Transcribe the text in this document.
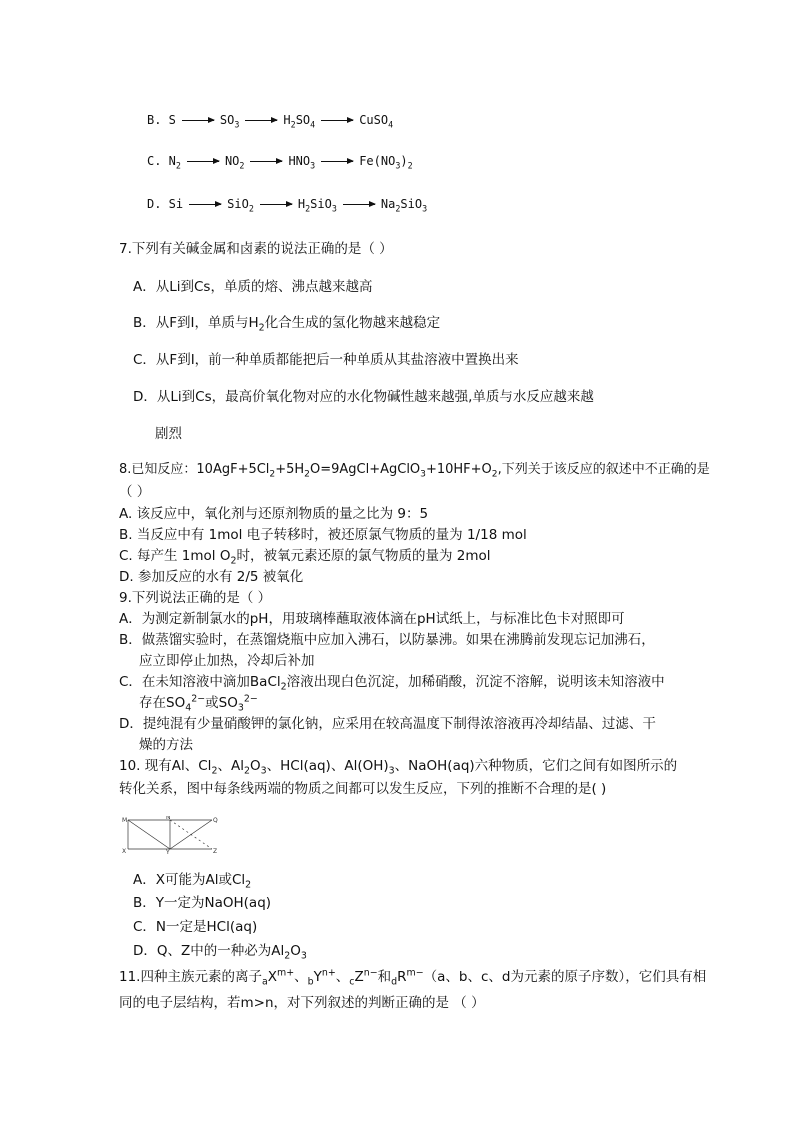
B. S	$SO_3$	$H_2SO_4$	CuSO$_4$
C. $N_2$	$NO_2$	$HNO_3$	$Fe(NO_3)_2$
D. Si	SiO$_2$	$H_2SiO_3$	$Na_2SiO_3$
7.下列有关碱金属和卤素的说法正确的是（ ）
A．从Li到Cs，单质的熔、沸点越来越高
B．从F到I，单质与$H_2$化合生成的氢化物越来越稳定
C．从F到I，前一种单质都能把后一种单质从其盐溶液中置换出来
D．从Li到Cs，最高价氧化物对应的水化物碱性越来越强,单质与水反应越来越
剧烈
8.已知反应：$10AgF+5Cl_2+5H_2O=9AgCl+AgClO_3+10HF+O_2$,下列关于该反应的叙述中不正确的是
（ ）
A. 该反应中，氧化剂与还原剂物质的量之比为 9：5
B. 当反应中有 1mol 电子转移时，被还原氯气物质的量为 1/18 mol
C. 每产生 1mol $O_2$时，被氧元素还原的氯气物质的量为 2mol
D. 参加反应的水有 2/5 被氧化
9.下列说法正确的是（ ）
A．为测定新制氯水的pH，用玻璃棒蘸取液体滴在pH试纸上，与标准比色卡对照即可
B．做蒸馏实验时，在蒸馏烧瓶中应加入沸石，以防暴沸。如果在沸腾前发现忘记加沸石，
应立即停止加热，冷却后补加
C．在未知溶液中滴加BaCl$_2$溶液出现白色沉淀，加稀硝酸，沉淀不溶解，说明该未知溶液中
存在$SO_4^{2-}$或$SO_3^{2-}$
D．提纯混有少量硝酸钾的氯化钠，应采用在较高温度下制得浓溶液再冷却结晶、过滤、干
燥的方法
10. 现有Al、$Cl_2$、$Al_2O_3$、HCl(aq)、$Al(OH)_3$、NaOH(aq)六种物质，它们之间有如图所示的
转化关系，图中每条线两端的物质之间都可以发生反应，下列的推断不合理的是( )
M	N	Q
X	Y	Z
A．X可能为Al或$Cl_2$
B．Y一定为NaOH(aq)
C．N一定是HCl(aq)
D．Q、Z中的一种必为$Al_2O_3$
11.四种主族元素的离子$_aX^{m+}$、$_bY^{n+}$、$_cZ^{n-}$和$_dR^{m-}(a$、b、c、d为元素的原子序数），它们具有相
同的电子层结构，若m>n，对下列叙述的判断正确的是 （ ）
